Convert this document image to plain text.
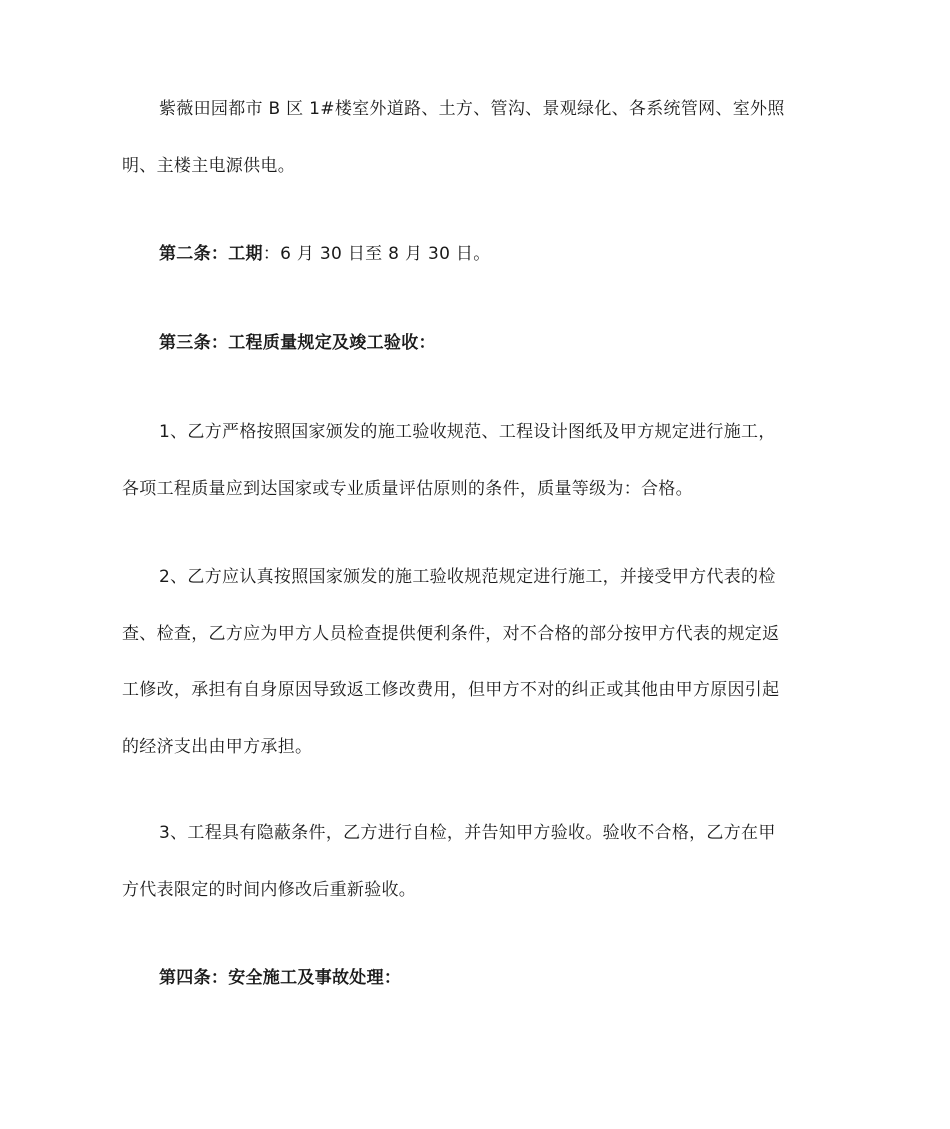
紫薇田园都市 B 区 1#楼室外道路、土方、管沟、景观绿化、各系统管网、室外照
明、主楼主电源供电。
第二条：工期：6 月 30 日至 8 月 30 日。
第三条：工程质量规定及竣工验收：
1、乙方严格按照国家颁发的施工验收规范、工程设计图纸及甲方规定进行施工，
各项工程质量应到达国家或专业质量评估原则的条件，质量等级为：合格。
2、乙方应认真按照国家颁发的施工验收规范规定进行施工，并接受甲方代表的检
查、检查，乙方应为甲方人员检查提供便利条件，对不合格的部分按甲方代表的规定返
工修改，承担有自身原因导致返工修改费用，但甲方不对的纠正或其他由甲方原因引起
的经济支出由甲方承担。
3、工程具有隐蔽条件，乙方进行自检，并告知甲方验收。验收不合格，乙方在甲
方代表限定的时间内修改后重新验收。
第四条：安全施工及事故处理：
